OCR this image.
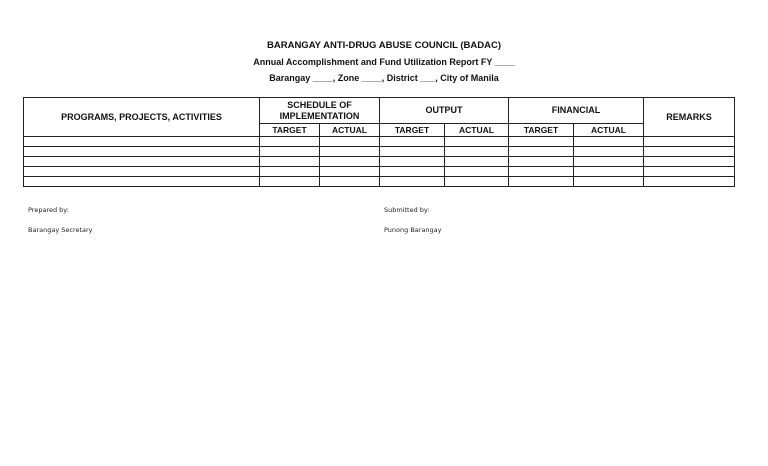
BARANGAY ANTI-DRUG ABUSE COUNCIL (BADAC)
Annual Accomplishment and Fund Utilization Report FY ____
Barangay ____, Zone ____, District ___, City of Manila
PROGRAMS, PROJECTS, ACTIVITIES	SCHEDULE OF IMPLEMENTATION		OUTPUT		FINANCIAL		REMARKS
	TARGET	ACTUAL	TARGET	ACTUAL	TARGET	ACTUAL	

Prepared by:
Barangay Secretary
Submitted by:
Punong Barangay
